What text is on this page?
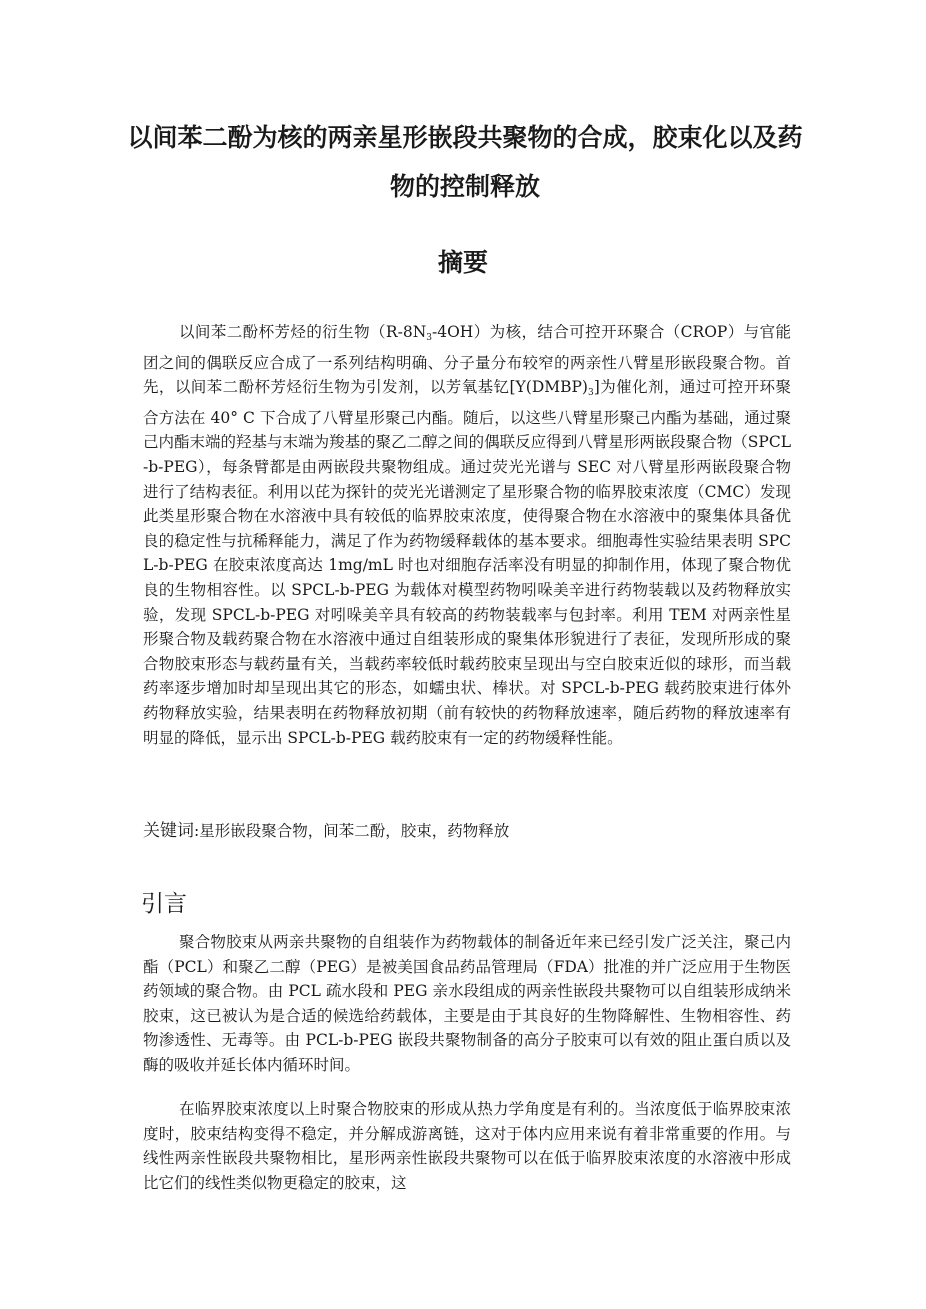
以间苯二酚为核的两亲星形嵌段共聚物的合成，胶束化以及药物的控制释放
摘要

以间苯二酚杯芳烃的衍生物$(R-8N_3-4OH)$为核，结合可控开环聚合（CROP）与官能团之间的偶联反应合成了一系列结构明确、分子量分布较窄的两亲性八臂星形嵌段聚合物。首先，以间苯二酚杯芳烃衍生物为引发剂，以芳氧基钇$[Y(DMBP)_3]$为催化剂，通过可控开环聚合方法在 40° C 下合成了八臂星形聚己内酯。随后，以这些八臂星形聚己内酯为基础，通过聚己内酯末端的羟基与末端为羧基的聚乙二醇之间的偶联反应得到八臂星形两嵌段聚合物（SPCL-b-PEG），每条臂都是由两嵌段共聚物组成。通过荧光光谱与 SEC 对八臂星形两嵌段聚合物进行了结构表征。利用以芘为探针的荧光光谱测定了星形聚合物的临界胶束浓度（CMC）发现此类星形聚合物在水溶液中具有较低的临界胶束浓度，使得聚合物在水溶液中的聚集体具备优良的稳定性与抗稀释能力，满足了作为药物缓释载体的基本要求。细胞毒性实验结果表明 SPCL-b-PEG 在胶束浓度高达 1mg/mL 时也对细胞存活率没有明显的抑制作用，体现了聚合物优良的生物相容性。以 SPCL-b-PEG 为载体对模型药物吲哚美辛进行药物装载以及药物释放实验，发现 SPCL-b-PEG 对吲哚美辛具有较高的药物装载率与包封率。利用 TEM 对两亲性星形聚合物及载药聚合物在水溶液中通过自组装形成的聚集体形貌进行了表征，发现所形成的聚合物胶束形态与载药量有关，当载药率较低时载药胶束呈现出与空白胶束近似的球形，而当载药率逐步增加时却呈现出其它的形态，如蠕虫状、棒状。对 SPCL-b-PEG 载药胶束进行体外药物释放实验，结果表明在药物释放初期（前有较快的药物释放速率，随后药物的释放速率有明显的降低，显示出 SPCL-b-PEG 载药胶束有一定的药物缓释性能。

关键词:星形嵌段聚合物，间苯二酚，胶束，药物释放

引言

聚合物胶束从两亲共聚物的自组装作为药物载体的制备近年来已经引发广泛关注，聚己内酯（PCL）和聚乙二醇（PEG）是被美国食品药品管理局（FDA）批准的并广泛应用于生物医药领域的聚合物。由 PCL 疏水段和 PEG 亲水段组成的两亲性嵌段共聚物可以自组装形成纳米胶束，这已被认为是合适的候选给药载体，主要是由于其良好的生物降解性、生物相容性、药物渗透性、无毒等。由 PCL-b-PEG 嵌段共聚物制备的高分子胶束可以有效的阻止蛋白质以及酶的吸收并延长体内循环时间。

在临界胶束浓度以上时聚合物胶束的形成从热力学角度是有利的。当浓度低于临界胶束浓度时，胶束结构变得不稳定，并分解成游离链，这对于体内应用来说有着非常重要的作用。与线性两亲性嵌段共聚物相比，星形两亲性嵌段共聚物可以在低于临界胶束浓度的水溶液中形成比它们的线性类似物更稳定的胶束，这
